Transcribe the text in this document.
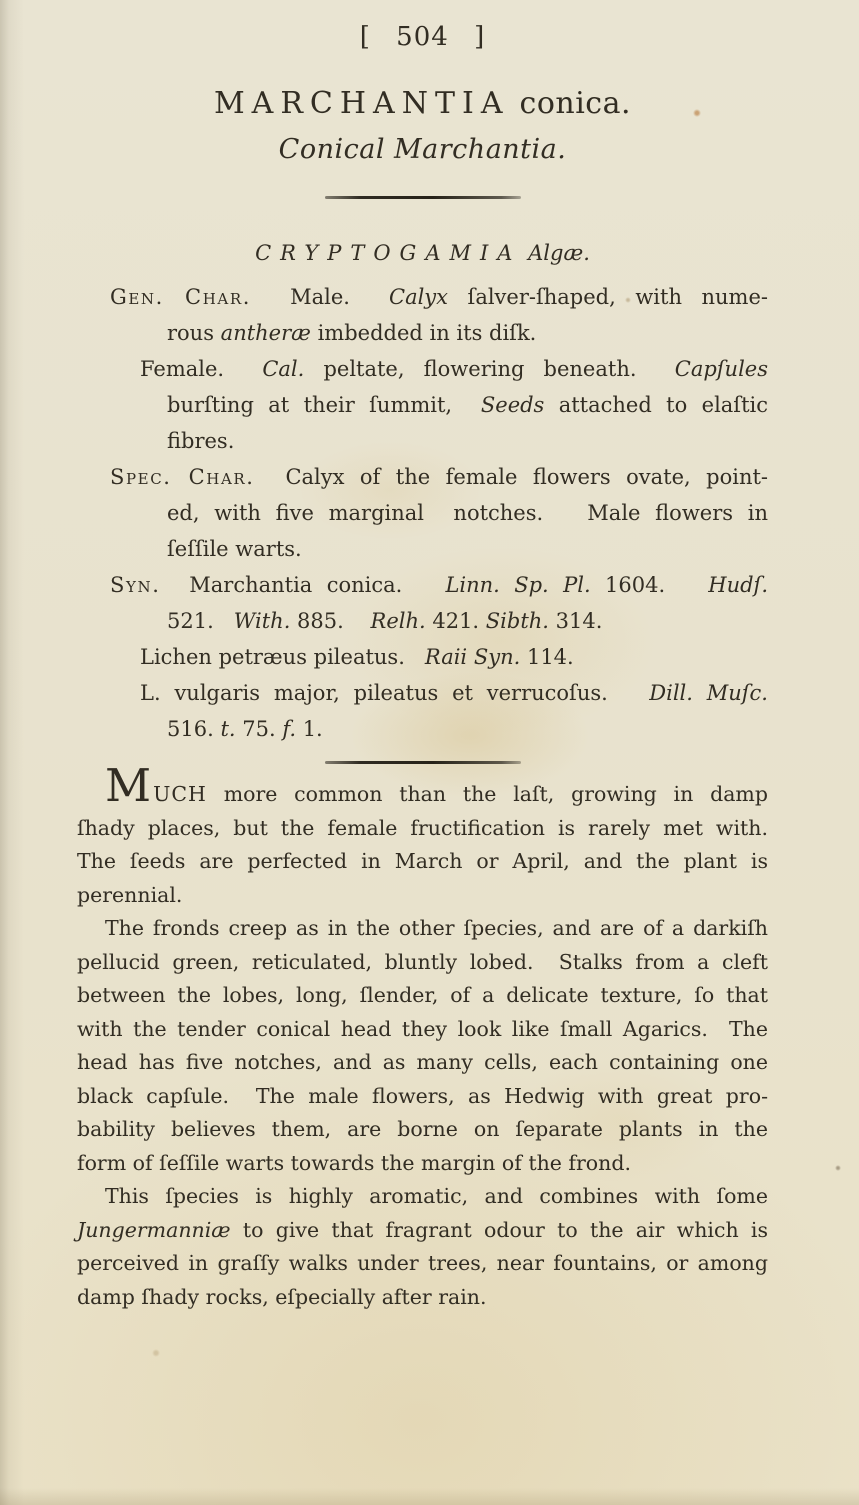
[ 504 ]
MARCHANTIA conica.
Conical Marchantia.
CRYPTOGAMIA Algæ.
Gen. Char.  Male.  Calyx ſalver-ſhaped, with nume-
rous antheræ imbedded in its diſk.
Female.  Cal. peltate, flowering beneath.  Capſules
burſting at their ſummit,  Seeds attached to elaſtic
fibres.
Spec. Char.  Calyx of the female flowers ovate, point-
ed, with five marginal  notches.   Male flowers in
ſeſſile warts.
Syn.  Marchantia conica.   Linn. Sp. Pl. 1604.   Hudſ.
521.   With. 885.    Relh. 421. Sibth. 314.
Lichen petræus pileatus.   Raii Syn. 114.
L. vulgaris major, pileatus et verrucoſus.   Dill. Muſc.
516. t. 75. f. 1.
MUCH  more  common  than  the  laſt,  growing  in  damp
ſhady places, but the female fructification is rarely met with.
The ſeeds are perfected in March or April, and the plant is
perennial.
The fronds creep as in the other ſpecies, and are of a darkiſh
pellucid green, reticulated, bluntly lobed.  Stalks from a cleft
between the lobes, long, ſlender, of a delicate texture, ſo that
with the tender conical head they look like ſmall Agarics.  The
head has five notches, and as many cells, each containing one
black capſule.  The male flowers, as Hedwig with great pro-
bability believes them, are borne on ſeparate plants in the
form of ſeſſile warts towards the margin of the frond.
This ſpecies is highly aromatic, and combines with ſome
Jungermanniæ to give that fragrant odour to the air which is
perceived in graſſy walks under trees, near fountains, or among
damp ſhady rocks, eſpecially after rain.
